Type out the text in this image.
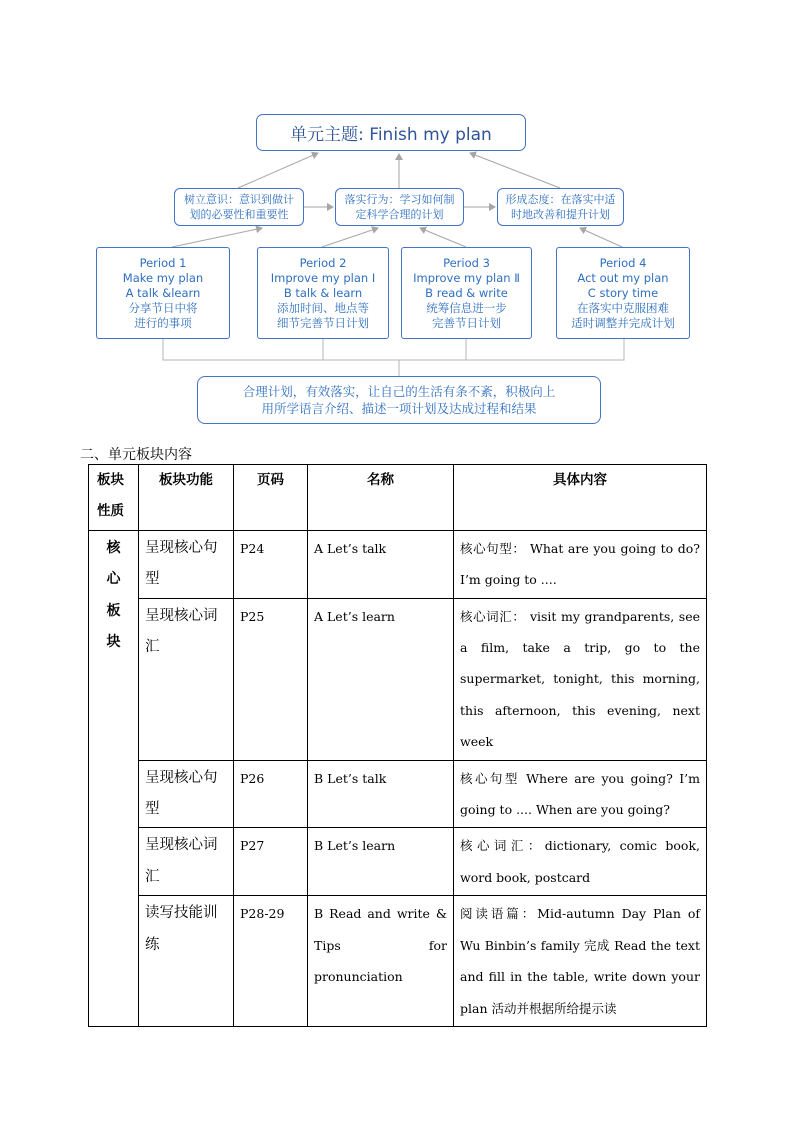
单元主题: Finish my plan
树立意识：意识到做计
划的必要性和重要性
落实行为：学习如何制
定科学合理的计划
形成态度：在落实中适
时地改善和提升计划
Period 1
Make my plan
A talk &learn
分享节日中将
进行的事项
Period 2
Improve my plan Ⅰ
B talk & learn
添加时间、地点等
细节完善节日计划
Period 3
Improve my plan Ⅱ
B read & write
统筹信息进一步
完善节日计划
Period 4
Act out my plan
C story time
在落实中克服困难
适时调整并完成计划
合理计划，有效落实，让自己的生活有条不紊，积极向上
用所学语言介绍、描述一项计划及达成过程和结果
二、单元板块内容
板块性质	板块功能	页码	名称	具体内容

核
心
板
块	呈现核心句型	P24	A Let’s talk	核心句型： What are you going to do? I’m going to ....
	呈现核心词汇	P25	A Let’s learn	核心词汇： visit my grandparents, see a film, take a trip, go to the supermarket, tonight, this morning, this afternoon, this evening, next week
	呈现核心句型	P26	B Let’s talk	核心句型 Where are you going? I’m going to .... When are you going?
	呈现核心词汇	P27	B Let’s learn	核心词汇：dictionary, comic book, word book, postcard
	读写技能训练	P28-29	B Read and write & Tips for pronunciation	阅读语篇：Mid-autumn Day Plan of Wu Binbin’s family 完成 Read the text and fill in the table, write down your plan 活动并根据所给提示读
